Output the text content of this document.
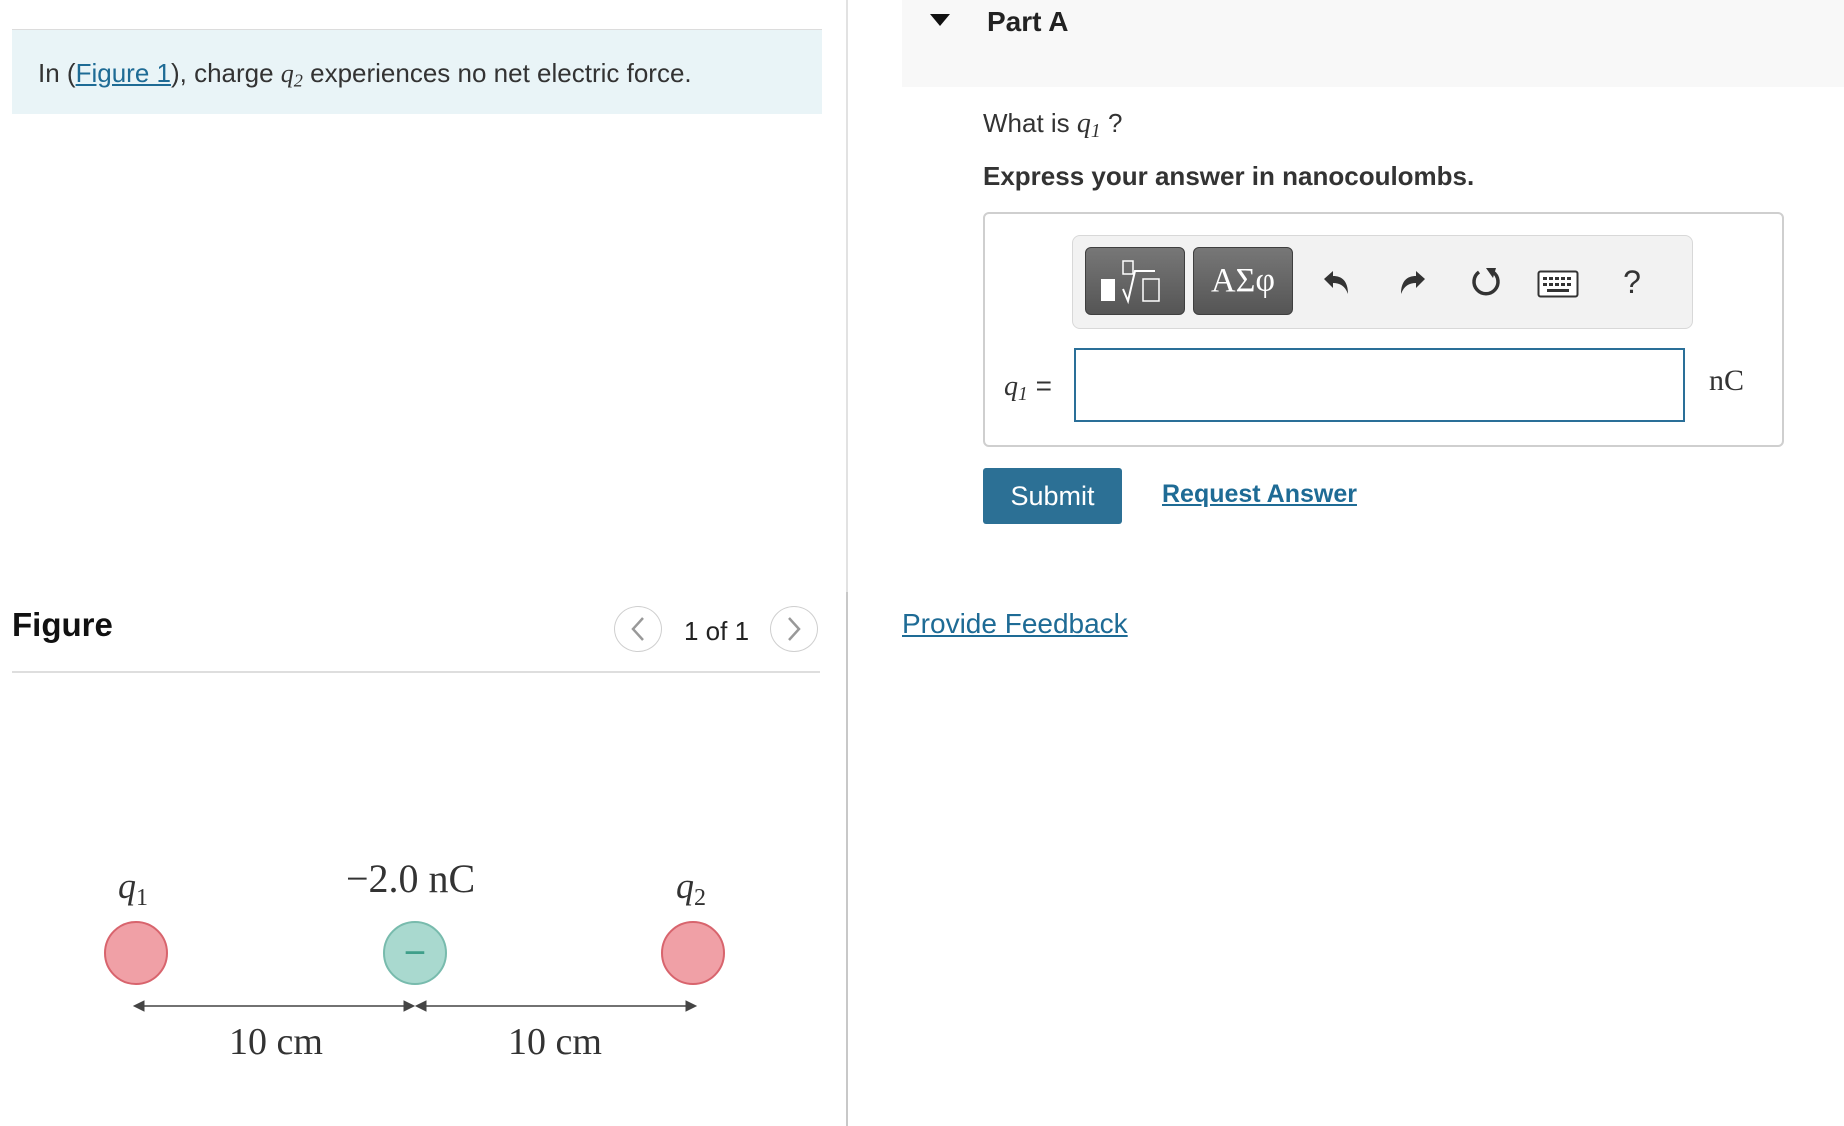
In (Figure 1), charge $q_2$ experiences no net electric force.
Figure	1 of 1
q1	−2.0 nC	q2
−
10 cm	10 cm
Part A
What is $q_1$ ?
Express your answer in nanocoulombs.
ΑΣφ	?
$q_1$ =	nC
Submit	Request Answer
Provide Feedback
